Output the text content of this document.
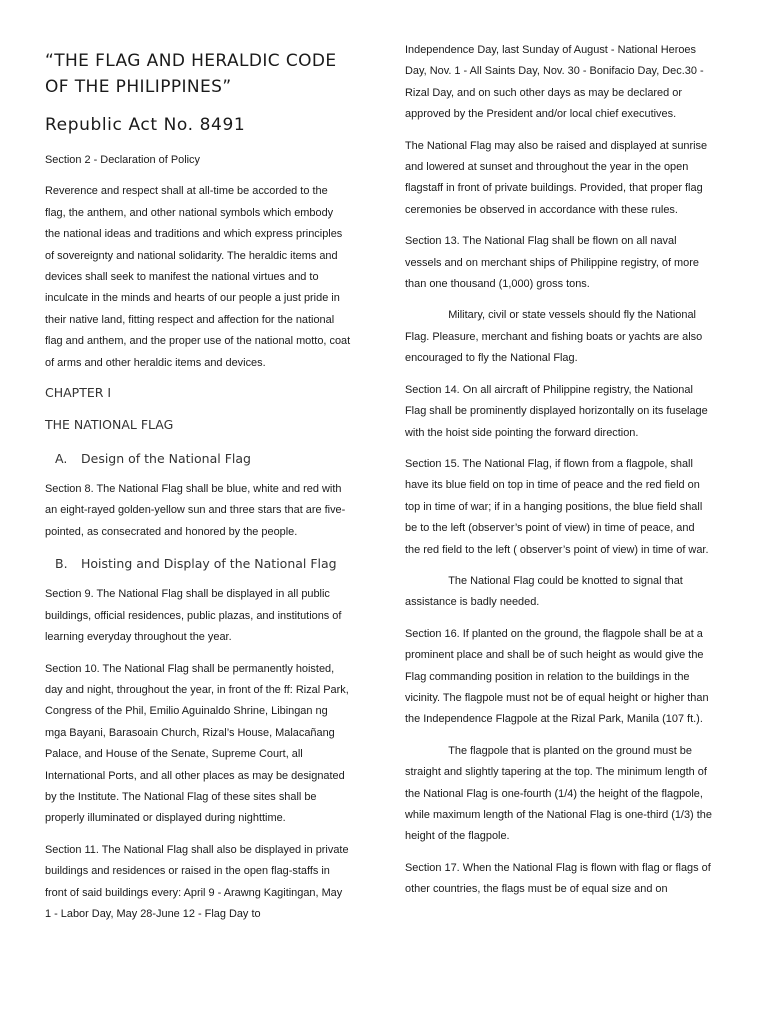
“THE FLAG AND HERALDIC CODE OF THE PHILIPPINES”
Republic Act No. 8491

Section 2 - Declaration of Policy

Reverence and respect shall at all-time be accorded to the flag, the anthem, and other national symbols which embody the national ideas and traditions and which express principles of sovereignty and national solidarity. The heraldic items and devices shall seek to manifest the national virtues and to inculcate in the minds and hearts of our people a just pride in their native land, fitting respect and affection for the national flag and anthem, and the proper use of the national motto, coat of arms and other heraldic items and devices.

CHAPTER I

THE NATIONAL FLAG

A.	Design of the National Flag

Section 8. The National Flag shall be blue, white and red with an eight-rayed golden-yellow sun and three stars that are five-pointed, as consecrated and honored by the people.

B.	Hoisting and Display of the National Flag

Section 9. The National Flag shall be displayed in all public buildings, official residences, public plazas, and institutions of learning everyday throughout the year.

Section 10. The National Flag shall be permanently hoisted, day and night, throughout the year, in front of the ff: Rizal Park, Congress of the Phil, Emilio Aguinaldo Shrine, Libingan ng mga Bayani, Barasoain Church, Rizal’s House, Malacañang Palace, and House of the Senate, Supreme Court, all International Ports, and all other places as may be designated by the Institute. The National Flag of these sites shall be properly illuminated or displayed during nighttime.

Section 11. The National Flag shall also be displayed in private buildings and residences or raised in the open flag-staffs in front of said buildings every: April 9 - Arawng Kagitingan, May 1 - Labor Day, May 28-June 12 - Flag Day to

Independence Day, last Sunday of August - National Heroes Day, Nov. 1 - All Saints Day, Nov. 30 - Bonifacio Day, Dec.30 - Rizal Day, and on such other days as may be declared or approved by the President and/or local chief executives.

The National Flag may also be raised and displayed at sunrise and lowered at sunset and throughout the year in the open flagstaff in front of private buildings. Provided, that proper flag ceremonies be observed in accordance with these rules.

Section 13. The National Flag shall be flown on all naval vessels and on merchant ships of Philippine registry, of more than one thousand (1,000) gross tons.

Military, civil or state vessels should fly the National Flag. Pleasure, merchant and fishing boats or yachts are also encouraged to fly the National Flag.

Section 14. On all aircraft of Philippine registry, the National Flag shall be prominently displayed horizontally on its fuselage with the hoist side pointing the forward direction.

Section 15. The National Flag, if flown from a flagpole, shall have its blue field on top in time of peace and the red field on top in time of war; if in a hanging positions, the blue field shall be to the left (observer’s point of view) in time of peace, and the red field to the left ( observer’s point of view) in time of war.

The National Flag could be knotted to signal that assistance is badly needed.

Section 16. If planted on the ground, the flagpole shall be at a prominent place and shall be of such height as would give the Flag commanding position in relation to the buildings in the vicinity. The flagpole must not be of equal height or higher than the Independence Flagpole at the Rizal Park, Manila (107 ft.).

The flagpole that is planted on the ground must be straight and slightly tapering at the top. The minimum length of the National Flag is one-fourth (1/4) the height of the flagpole, while maximum length of the National Flag is one-third (1/3) the height of the flagpole.

Section 17. When the National Flag is flown with flag or flags of other countries, the flags must be of equal size and on
